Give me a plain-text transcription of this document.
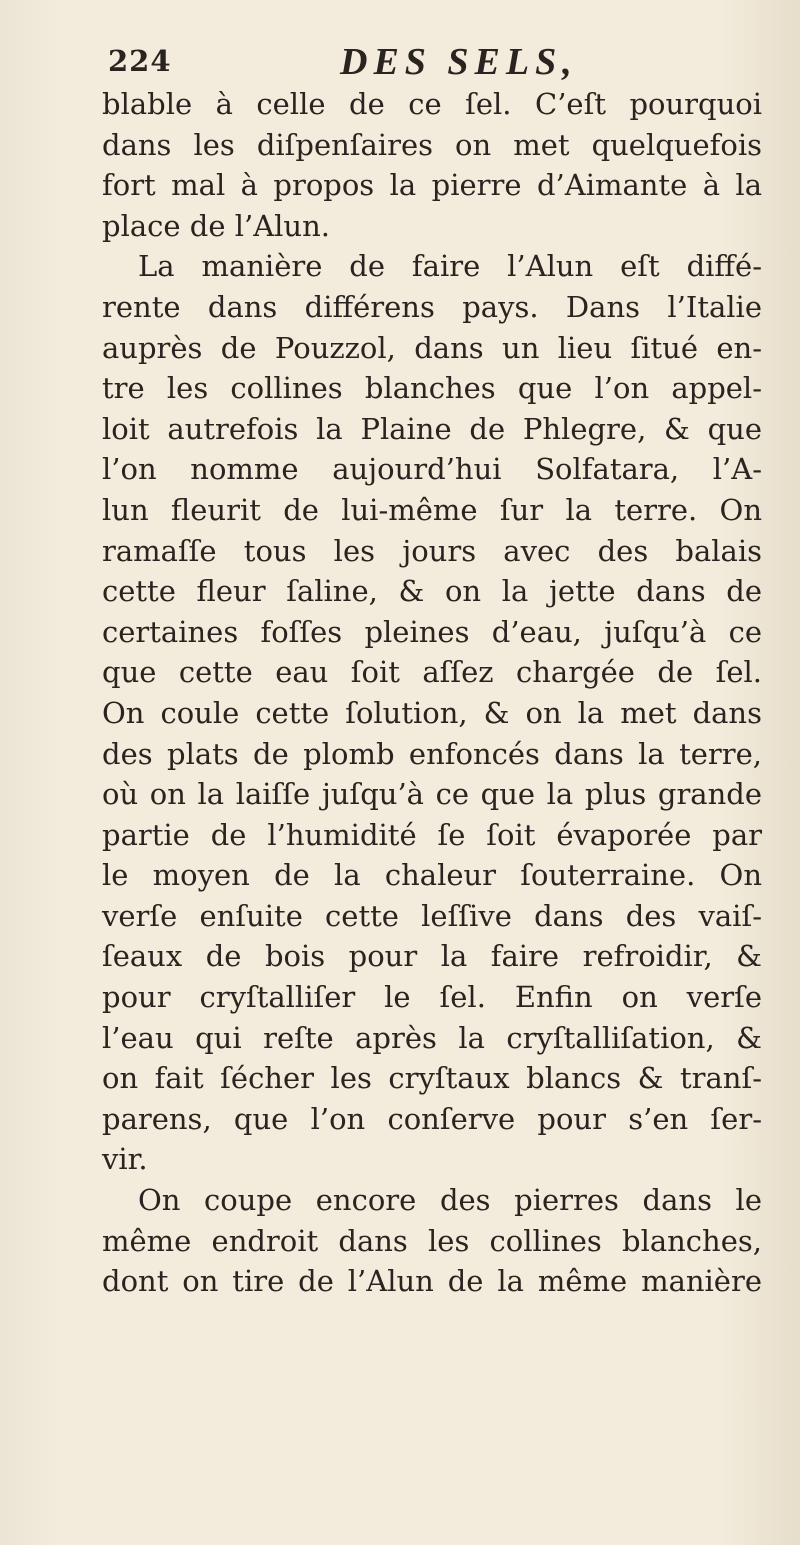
224	DES SELS,
blable à celle de ce ſel. C’eſt pourquoi
dans les diſpenſaires on met quelquefois
fort mal à propos la pierre d’Aimante à la
place de l’Alun.
La manière de faire l’Alun eſt diffé-
rente dans différens pays. Dans l’Italie
auprès de Pouzzol, dans un lieu ſitué en-
tre les collines blanches que l’on appel-
loit autrefois la Plaine de Phlegre, & que
l’on nomme aujourd’hui Solfatara, l’A-
lun fleurit de lui-même ſur la terre. On
ramaſſe tous les jours avec des balais
cette fleur ſaline, & on la jette dans de
certaines foſſes pleines d’eau, juſqu’à ce
que cette eau ſoit aſſez chargée de ſel.
On coule cette ſolution, & on la met dans
des plats de plomb enfoncés dans la terre,
où on la laiſſe juſqu’à ce que la plus grande
partie de l’humidité ſe ſoit évaporée par
le moyen de la chaleur ſouterraine. On
verſe enſuite cette leſſive dans des vaiſ-
ſeaux de bois pour la faire refroidir, &
pour cryſtalliſer le ſel. Enfin on verſe
l’eau qui reſte après la cryſtalliſation, &
on fait ſécher les cryſtaux blancs & tranſ-
parens, que l’on conſerve pour s’en ſer-
vir.
On coupe encore des pierres dans le
même endroit dans les collines blanches,
dont on tire de l’Alun de la même manière
